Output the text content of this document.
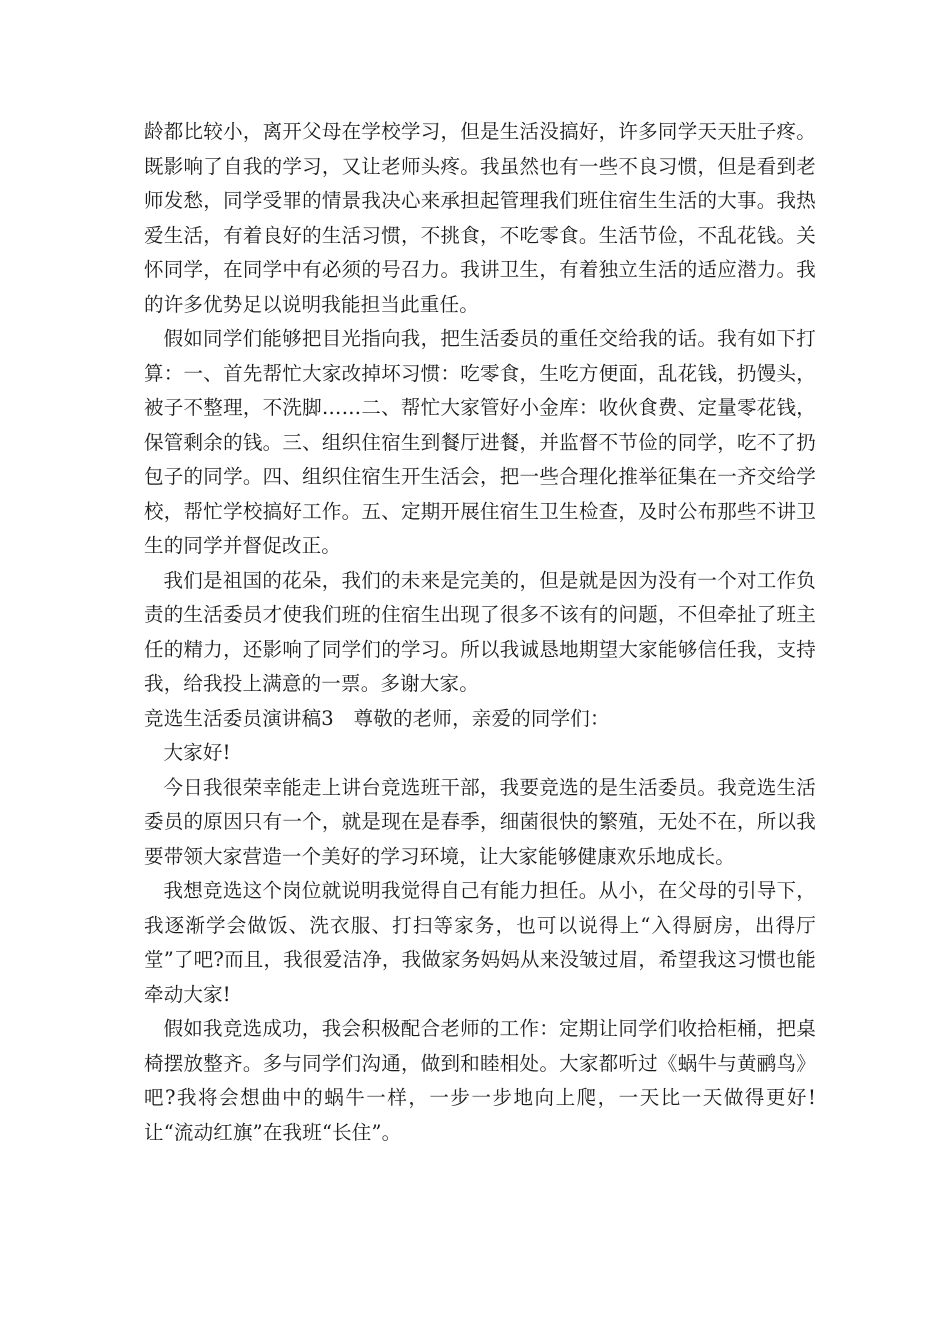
龄都比较小，离开父母在学校学习，但是生活没搞好，许多同学天天肚子疼。既影响了自我的学习，又让老师头疼。我虽然也有一些不良习惯，但是看到老师发愁，同学受罪的情景我决心来承担起管理我们班住宿生生活的大事。我热爱生活，有着良好的生活习惯，不挑食，不吃零食。生活节俭，不乱花钱。关怀同学，在同学中有必须的号召力。我讲卫生，有着独立生活的适应潜力。我的许多优势足以说明我能担当此重任。

假如同学们能够把目光指向我，把生活委员的重任交给我的话。我有如下打算：一、首先帮忙大家改掉坏习惯：吃零食，生吃方便面，乱花钱，扔馒头，被子不整理，不洗脚……二、帮忙大家管好小金库：收伙食费、定量零花钱，保管剩余的钱。三、组织住宿生到餐厅进餐，并监督不节俭的同学，吃不了扔包子的同学。四、组织住宿生开生活会，把一些合理化推举征集在一齐交给学校，帮忙学校搞好工作。五、定期开展住宿生卫生检查，及时公布那些不讲卫生的同学并督促改正。

我们是祖国的花朵，我们的未来是完美的，但是就是因为没有一个对工作负责的生活委员才使我们班的住宿生出现了很多不该有的问题，不但牵扯了班主任的精力，还影响了同学们的学习。所以我诚恳地期望大家能够信任我，支持我，给我投上满意的一票。多谢大家。

竞选生活委员演讲稿3　尊敬的老师，亲爱的同学们：

大家好!

今日我很荣幸能走上讲台竞选班干部，我要竞选的是生活委员。我竞选生活委员的原因只有一个，就是现在是春季，细菌很快的繁殖，无处不在，所以我要带领大家营造一个美好的学习环境，让大家能够健康欢乐地成长。

我想竞选这个岗位就说明我觉得自己有能力担任。从小，在父母的引导下，我逐渐学会做饭、洗衣服、打扫等家务，也可以说得上“入得厨房，出得厅堂”了吧?而且，我很爱洁净，我做家务妈妈从来没皱过眉，希望我这习惯也能牵动大家!

假如我竞选成功，我会积极配合老师的工作：定期让同学们收拾柜桶，把桌椅摆放整齐。多与同学们沟通，做到和睦相处。大家都听过《蜗牛与黄鹂鸟》吧?我将会想曲中的蜗牛一样，一步一步地向上爬，一天比一天做得更好!让“流动红旗”在我班“长住”。
